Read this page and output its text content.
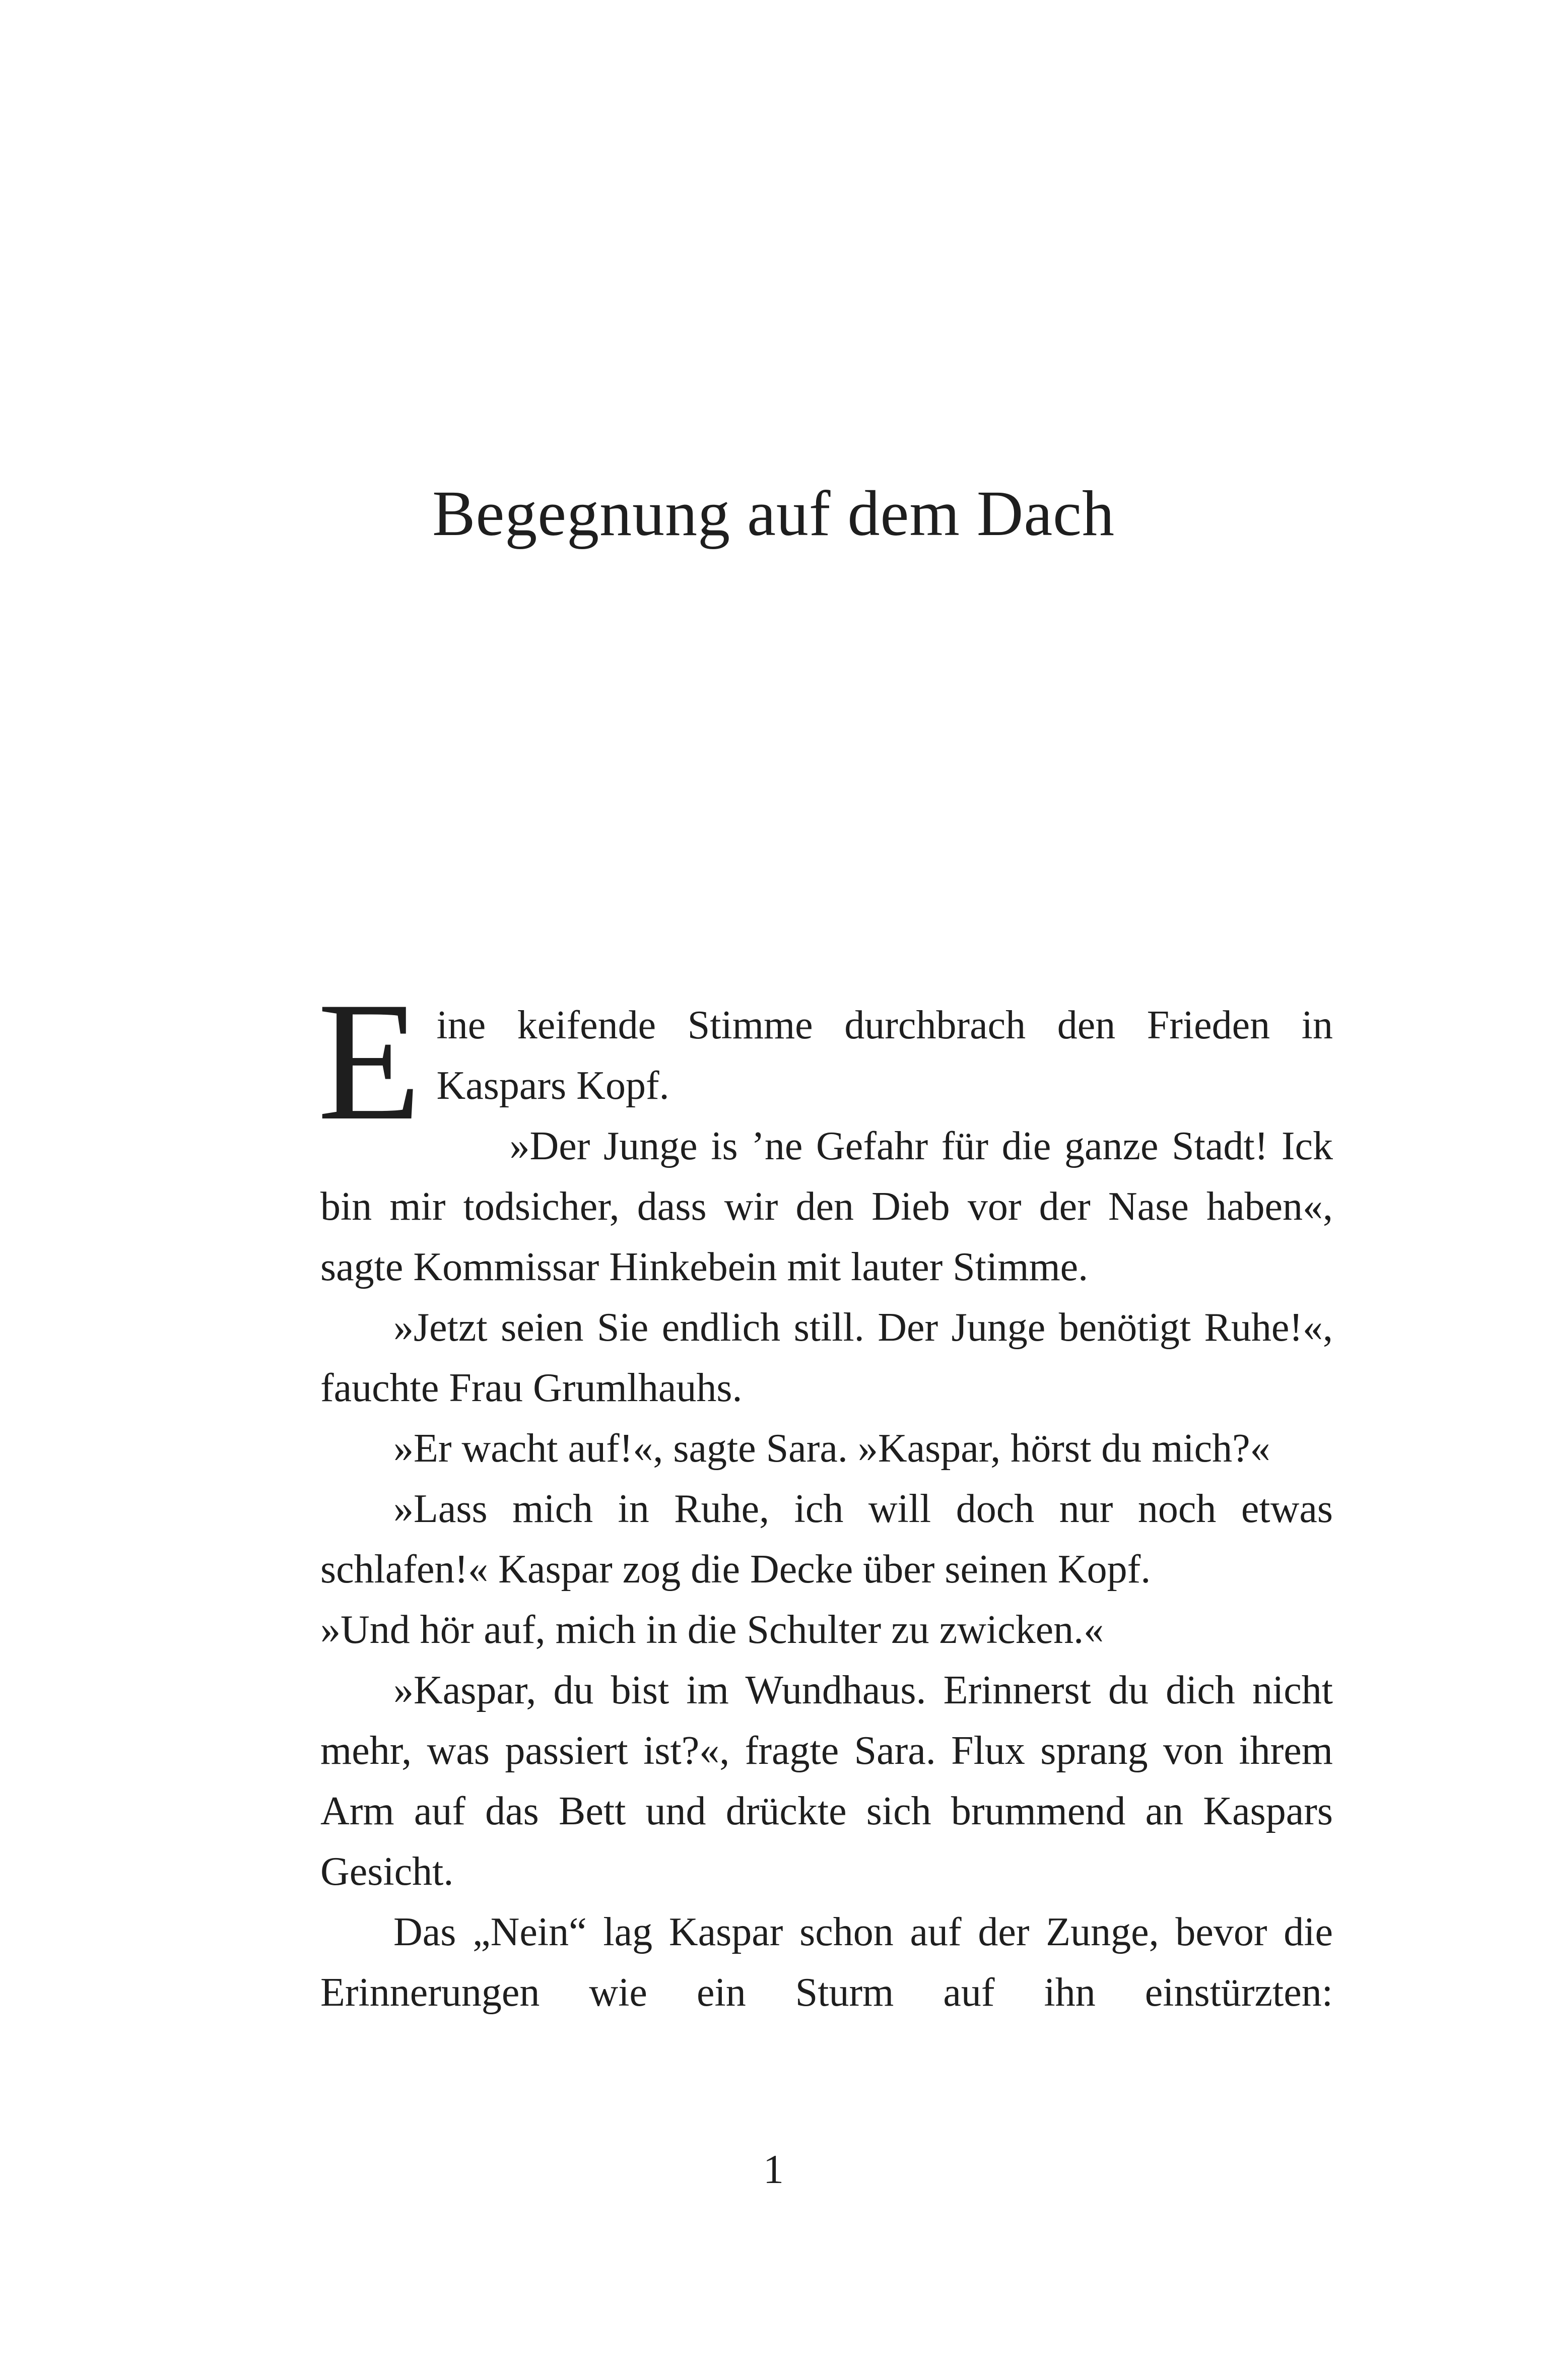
Begegnung auf dem Dach

Eine keifende Stimme durchbrach den Frieden in Kaspars Kopf.

»Der Junge is ’ne Gefahr für die ganze Stadt! Ick bin mir todsicher, dass wir den Dieb vor der Nase haben«, sagte Kommissar Hinkebein mit lauter Stimme.

»Jetzt seien Sie endlich still. Der Junge benötigt Ruhe!«, fauchte Frau Grumlhauhs.

»Er wacht auf!«, sagte Sara. »Kaspar, hörst du mich?«

»Lass mich in Ruhe, ich will doch nur noch etwas schlafen!« Kaspar zog die Decke über seinen Kopf.

»Und hör auf, mich in die Schulter zu zwicken.«

»Kaspar, du bist im Wundhaus. Erinnerst du dich nicht mehr, was passiert ist?«, fragte Sara. Flux sprang von ihrem Arm auf das Bett und drückte sich brummend an Kaspars Gesicht.

Das „Nein“ lag Kaspar schon auf der Zunge, bevor die Erinnerungen wie ein Sturm auf ihn einstürzten:

1
